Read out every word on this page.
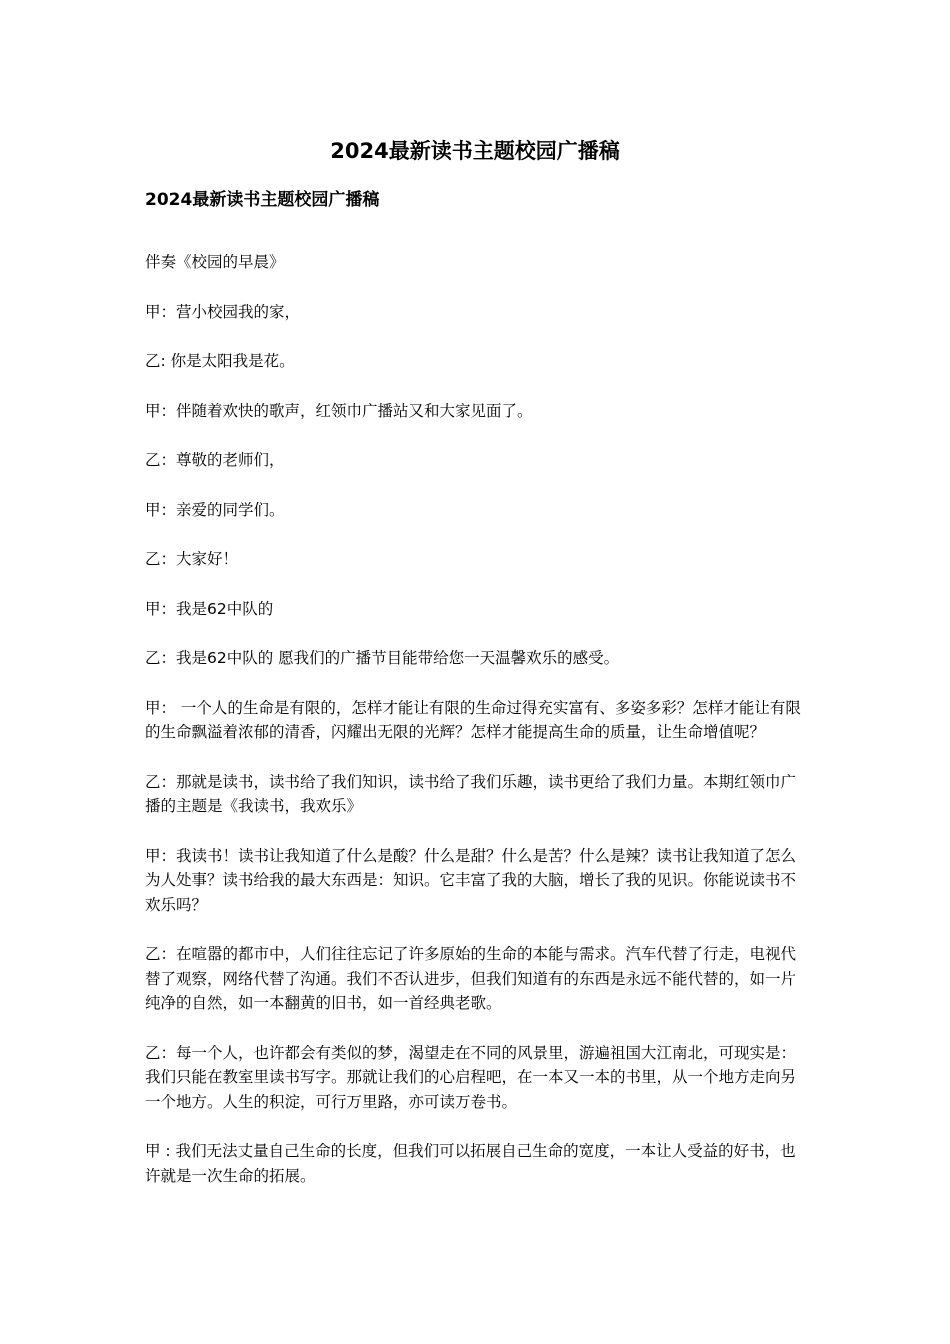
2024最新读书主题校园广播稿
2024最新读书主题校园广播稿

伴奏《校园的早晨》

甲：营小校园我的家，

乙: 你是太阳我是花。

甲：伴随着欢快的歌声，红领巾广播站又和大家见面了。

乙：尊敬的老师们，

甲：亲爱的同学们。

乙：大家好！

甲：我是62中队的

乙：我是62中队的 愿我们的广播节目能带给您一天温馨欢乐的感受。

甲： 一个人的生命是有限的，怎样才能让有限的生命过得充实富有、多姿多彩？怎样才能让有限的生命飘溢着浓郁的清香，闪耀出无限的光辉？怎样才能提高生命的质量，让生命增值呢？

乙：那就是读书，读书给了我们知识，读书给了我们乐趣，读书更给了我们力量。本期红领巾广播的主题是《我读书，我欢乐》

甲：我读书！读书让我知道了什么是酸？什么是甜？什么是苦？什么是辣？读书让我知道了怎么为人处事？读书给我的最大东西是：知识。它丰富了我的大脑，增长了我的见识。你能说读书不欢乐吗？

乙：在喧嚣的都市中，人们往往忘记了许多原始的生命的本能与需求。汽车代替了行走，电视代替了观察，网络代替了沟通。我们不否认进步，但我们知道有的东西是永远不能代替的，如一片纯净的自然，如一本翻黄的旧书，如一首经典老歌。

乙：每一个人，也许都会有类似的梦，渴望走在不同的风景里，游遍祖国大江南北，可现实是：我们只能在教室里读书写字。那就让我们的心启程吧，在一本又一本的书里，从一个地方走向另一个地方。人生的积淀，可行万里路，亦可读万卷书。

甲 : 我们无法丈量自己生命的长度，但我们可以拓展自己生命的宽度，一本让人受益的好书，也许就是一次生命的拓展。
